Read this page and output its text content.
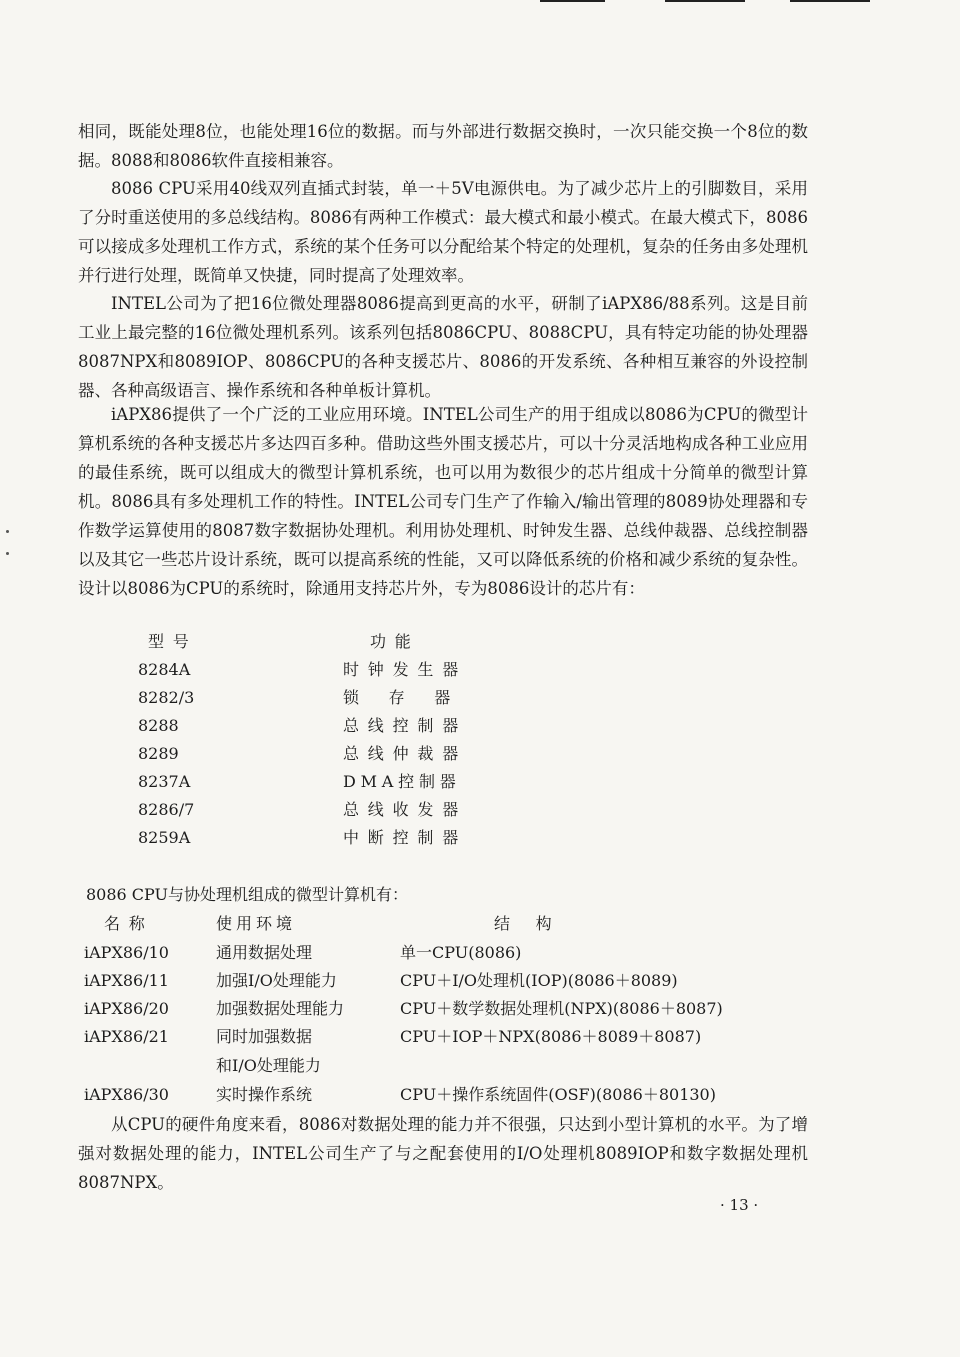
相同，既能处理8位，也能处理16位的数据。而与外部进行数据交换时，一次只能交换一个8位的数据。8088和8086软件直接相兼容。

8086 CPU采用40线双列直插式封装，单一＋5V电源供电。为了减少芯片上的引脚数目，采用了分时重送使用的多总线结构。8086有两种工作模式：最大模式和最小模式。在最大模式下，8086可以接成多处理机工作方式，系统的某个任务可以分配给某个特定的处理机，复杂的任务由多处理机并行进行处理，既简单又快捷，同时提高了处理效率。

INTEL公司为了把16位微处理器8086提高到更高的水平，研制了iAPX86/88系列。这是目前工业上最完整的16位微处理机系列。该系列包括8086CPU、8088CPU，具有特定功能的协处理器8087NPX和8089IOP、8086CPU的各种支援芯片、8086的开发系统、各种相互兼容的外设控制器、各种高级语言、操作系统和各种单板计算机。

iAPX86提供了一个广泛的工业应用环境。INTEL公司生产的用于组成以8086为CPU的微型计算机系统的各种支援芯片多达四百多种。借助这些外围支援芯片，可以十分灵活地构成各种工业应用的最佳系统，既可以组成大的微型计算机系统，也可以用为数很少的芯片组成十分简单的微型计算机。8086具有多处理机工作的特性。INTEL公司专门生产了作输入/输出管理的8089协处理器和专作数学运算使用的8087数字数据协处理机。利用协处理机、时钟发生器、总线仲裁器、总线控制器以及其它一些芯片设计系统，既可以提高系统的性能，又可以降低系统的价格和减少系统的复杂性。设计以8086为CPU的系统时，除通用支持芯片外，专为8086设计的芯片有：

型号	功能
8284A	时钟发生器
8282/3	锁存器
8288	总线控制器
8289	总线仲裁器
8237A	DMA控制器
8286/7	总线收发器
8259A	中断控制器
8086 CPU与协处理机组成的微型计算机有：
名称	使用环境	结构
iAPX86/10	通用数据处理	单一CPU(8086)
iAPX86/11	加强I/O处理能力	CPU＋I/O处理机(IOP)(8086＋8089)
iAPX86/20	加强数据处理能力	CPU＋数学数据处理机(NPX)(8086＋8087)
iAPX86/21	同时加强数据	CPU＋IOP＋NPX(8086＋8089＋8087)
和I/O处理能力
iAPX86/30	实时操作系统	CPU＋操作系统固件(OSF)(8086＋80130)

从CPU的硬件角度来看，8086对数据处理的能力并不很强，只达到小型计算机的水平。为了增强对数据处理的能力，INTEL公司生产了与之配套使用的I/O处理机8089IOP和数字数据处理机8087NPX。

· 13 ·
